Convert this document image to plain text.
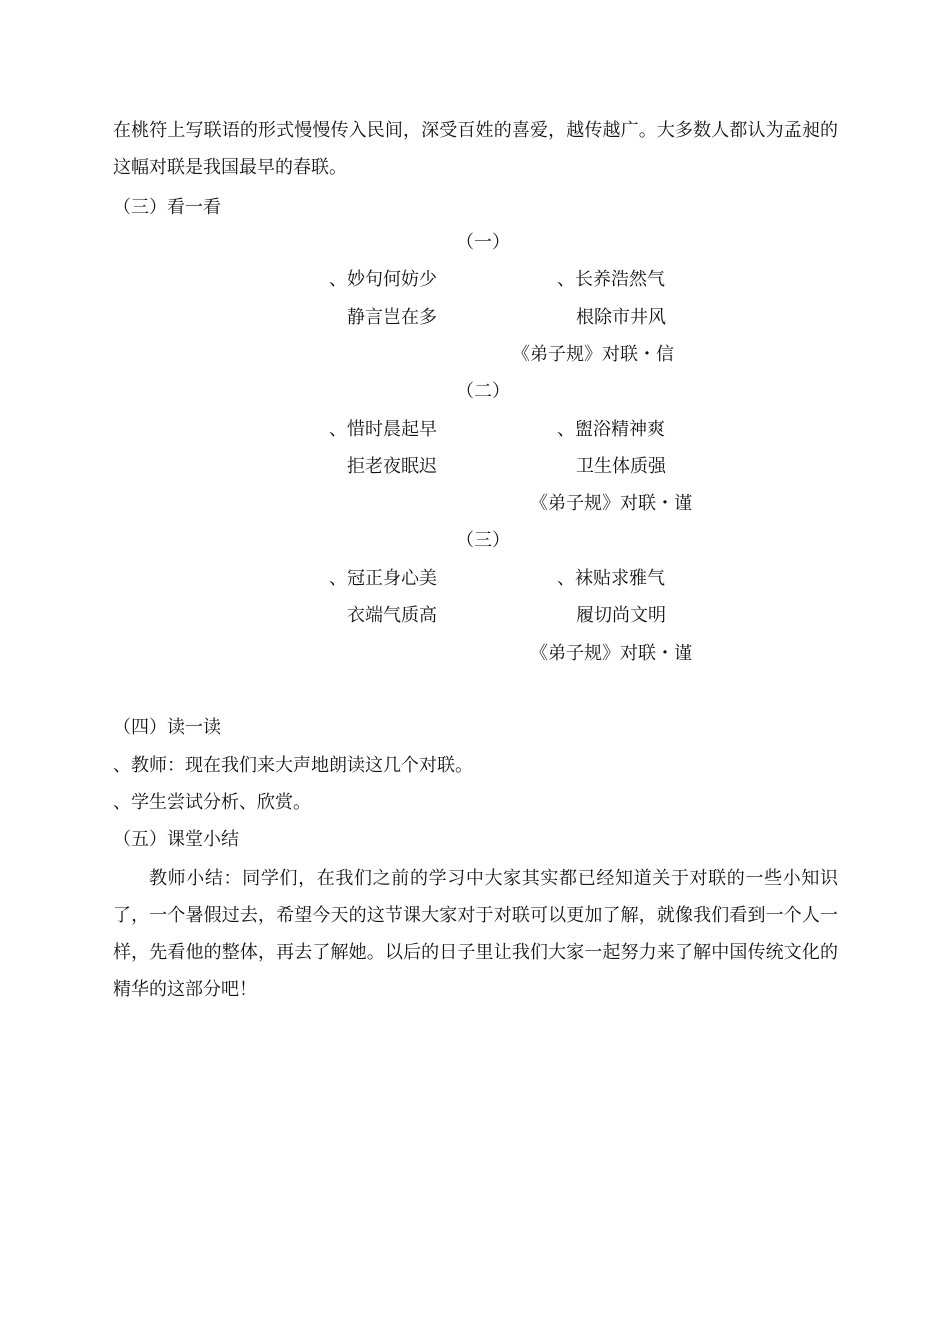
在桃符上写联语的形式慢慢传入民间，深受百姓的喜爱，越传越广。大多数人都认为孟昶的这幅对联是我国最早的春联。
（三）看一看
（一）
、妙句何妨少	、长养浩然气
静言岂在多	根除市井风
《弟子规》对联・信
（二）
、惜时晨起早	、盥浴精神爽
拒老夜眠迟	卫生体质强
《弟子规》对联・谨
（三）
、冠正身心美	、袜贴求雅气
衣端气质高	履切尚文明
《弟子规》对联・谨
（四）读一读
、教师：现在我们来大声地朗读这几个对联。
、学生尝试分析、欣赏。
（五）课堂小结
教师小结：同学们，在我们之前的学习中大家其实都已经知道关于对联的一些小知识了，一个暑假过去，希望今天的这节课大家对于对联可以更加了解，就像我们看到一个人一样，先看他的整体，再去了解她。以后的日子里让我们大家一起努力来了解中国传统文化的精华的这部分吧！
